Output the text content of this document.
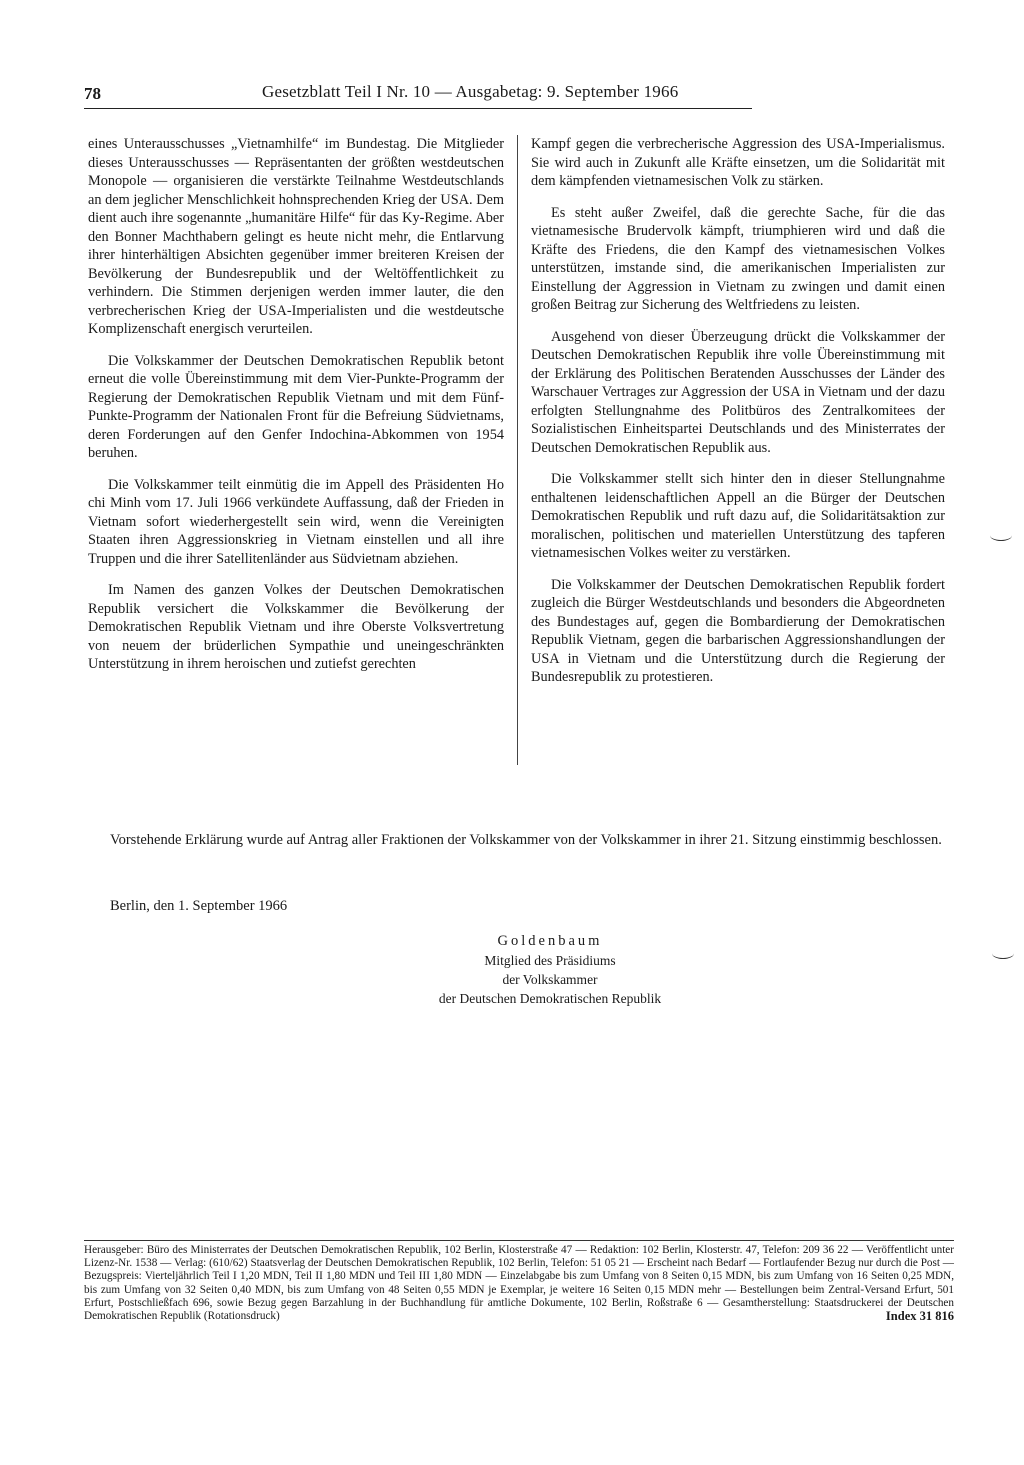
78	Gesetzblatt Teil I Nr. 10 — Ausgabetag: 9. September 1966

eines Unterausschusses „Vietnamhilfe“ im Bundestag. Die Mitglieder dieses Unterausschusses — Repräsentanten der größten westdeutschen Monopole — organisieren die verstärkte Teilnahme Westdeutschlands an dem jeglicher Menschlichkeit hohnsprechenden Krieg der USA. Dem dient auch ihre sogenannte „humanitäre Hilfe“ für das Ky-Regime. Aber den Bonner Machthabern gelingt es heute nicht mehr, die Entlarvung ihrer hinterhältigen Absichten gegenüber immer breiteren Kreisen der Bevölkerung der Bundesrepublik und der Weltöffentlichkeit zu verhindern. Die Stimmen derjenigen werden immer lauter, die den verbrecherischen Krieg der USA-Imperialisten und die westdeutsche Komplizenschaft energisch verurteilen.

Die Volkskammer der Deutschen Demokratischen Republik betont erneut die volle Übereinstimmung mit dem Vier-Punkte-Programm der Regierung der Demokratischen Republik Vietnam und mit dem Fünf-Punkte-Programm der Nationalen Front für die Befreiung Südvietnams, deren Forderungen auf den Genfer Indochina-Abkommen von 1954 beruhen.

Die Volkskammer teilt einmütig die im Appell des Präsidenten Ho chi Minh vom 17. Juli 1966 verkündete Auffassung, daß der Frieden in Vietnam sofort wiederhergestellt sein wird, wenn die Vereinigten Staaten ihren Aggressionskrieg in Vietnam einstellen und all ihre Truppen und die ihrer Satellitenländer aus Südvietnam abziehen.

Im Namen des ganzen Volkes der Deutschen Demokratischen Republik versichert die Volkskammer die Bevölkerung der Demokratischen Republik Vietnam und ihre Oberste Volksvertretung von neuem der brüderlichen Sympathie und uneingeschränkten Unterstützung in ihrem heroischen und zutiefst gerechten

Kampf gegen die verbrecherische Aggression des USA-Imperialismus. Sie wird auch in Zukunft alle Kräfte einsetzen, um die Solidarität mit dem kämpfenden vietnamesischen Volk zu stärken.

Es steht außer Zweifel, daß die gerechte Sache, für die das vietnamesische Brudervolk kämpft, triumphieren wird und daß die Kräfte des Friedens, die den Kampf des vietnamesischen Volkes unterstützen, imstande sind, die amerikanischen Imperialisten zur Einstellung der Aggression in Vietnam zu zwingen und damit einen großen Beitrag zur Sicherung des Weltfriedens zu leisten.

Ausgehend von dieser Überzeugung drückt die Volkskammer der Deutschen Demokratischen Republik ihre volle Übereinstimmung mit der Erklärung des Politischen Beratenden Ausschusses der Länder des Warschauer Vertrages zur Aggression der USA in Vietnam und der dazu erfolgten Stellungnahme des Politbüros des Zentralkomitees der Sozialistischen Einheitspartei Deutschlands und des Ministerrates der Deutschen Demokratischen Republik aus.

Die Volkskammer stellt sich hinter den in dieser Stellungnahme enthaltenen leidenschaftlichen Appell an die Bürger der Deutschen Demokratischen Republik und ruft dazu auf, die Solidaritätsaktion zur moralischen, politischen und materiellen Unterstützung des tapferen vietnamesischen Volkes weiter zu verstärken.

Die Volkskammer der Deutschen Demokratischen Republik fordert zugleich die Bürger Westdeutschlands und besonders die Abgeordneten des Bundestages auf, gegen die Bombardierung der Demokratischen Republik Vietnam, gegen die barbarischen Aggressionshandlungen der USA in Vietnam und die Unterstützung durch die Regierung der Bundesrepublik zu protestieren.

Vorstehende Erklärung wurde auf Antrag aller Fraktionen der Volkskammer von der Volkskammer in ihrer 21. Sitzung einstimmig beschlossen.
Berlin, den 1. September 1966
Goldenbaum
Mitglied des Präsidiums
der Volkskammer
der Deutschen Demokratischen Republik
Herausgeber: Büro des Ministerrates der Deutschen Demokratischen Republik, 102 Berlin, Klosterstraße 47 — Redaktion: 102 Berlin, Klosterstr. 47, Telefon: 209 36 22 — Veröffentlicht unter Lizenz-Nr. 1538 — Verlag: (610/62) Staatsverlag der Deutschen Demokratischen Republik, 102 Berlin, Telefon: 51 05 21 — Erscheint nach Bedarf — Fortlaufender Bezug nur durch die Post — Bezugspreis: Vierteljährlich Teil I 1,20 MDN, Teil II 1,80 MDN und Teil III 1,80 MDN — Einzelabgabe bis zum Umfang von 8 Seiten 0,15 MDN, bis zum Umfang von 16 Seiten 0,25 MDN, bis zum Umfang von 32 Seiten 0,40 MDN, bis zum Umfang von 48 Seiten 0,55 MDN je Exemplar, je weitere 16 Seiten 0,15 MDN mehr — Bestellungen beim Zentral-Versand Erfurt, 501 Erfurt, Postschließfach 696, sowie Bezug gegen Barzahlung in der Buchhandlung für amtliche Dokumente, 102 Berlin, Roßstraße 6 — Gesamtherstellung: Staatsdruckerei der Deutschen Demokratischen Republik (Rotationsdruck)	Index 31 816
